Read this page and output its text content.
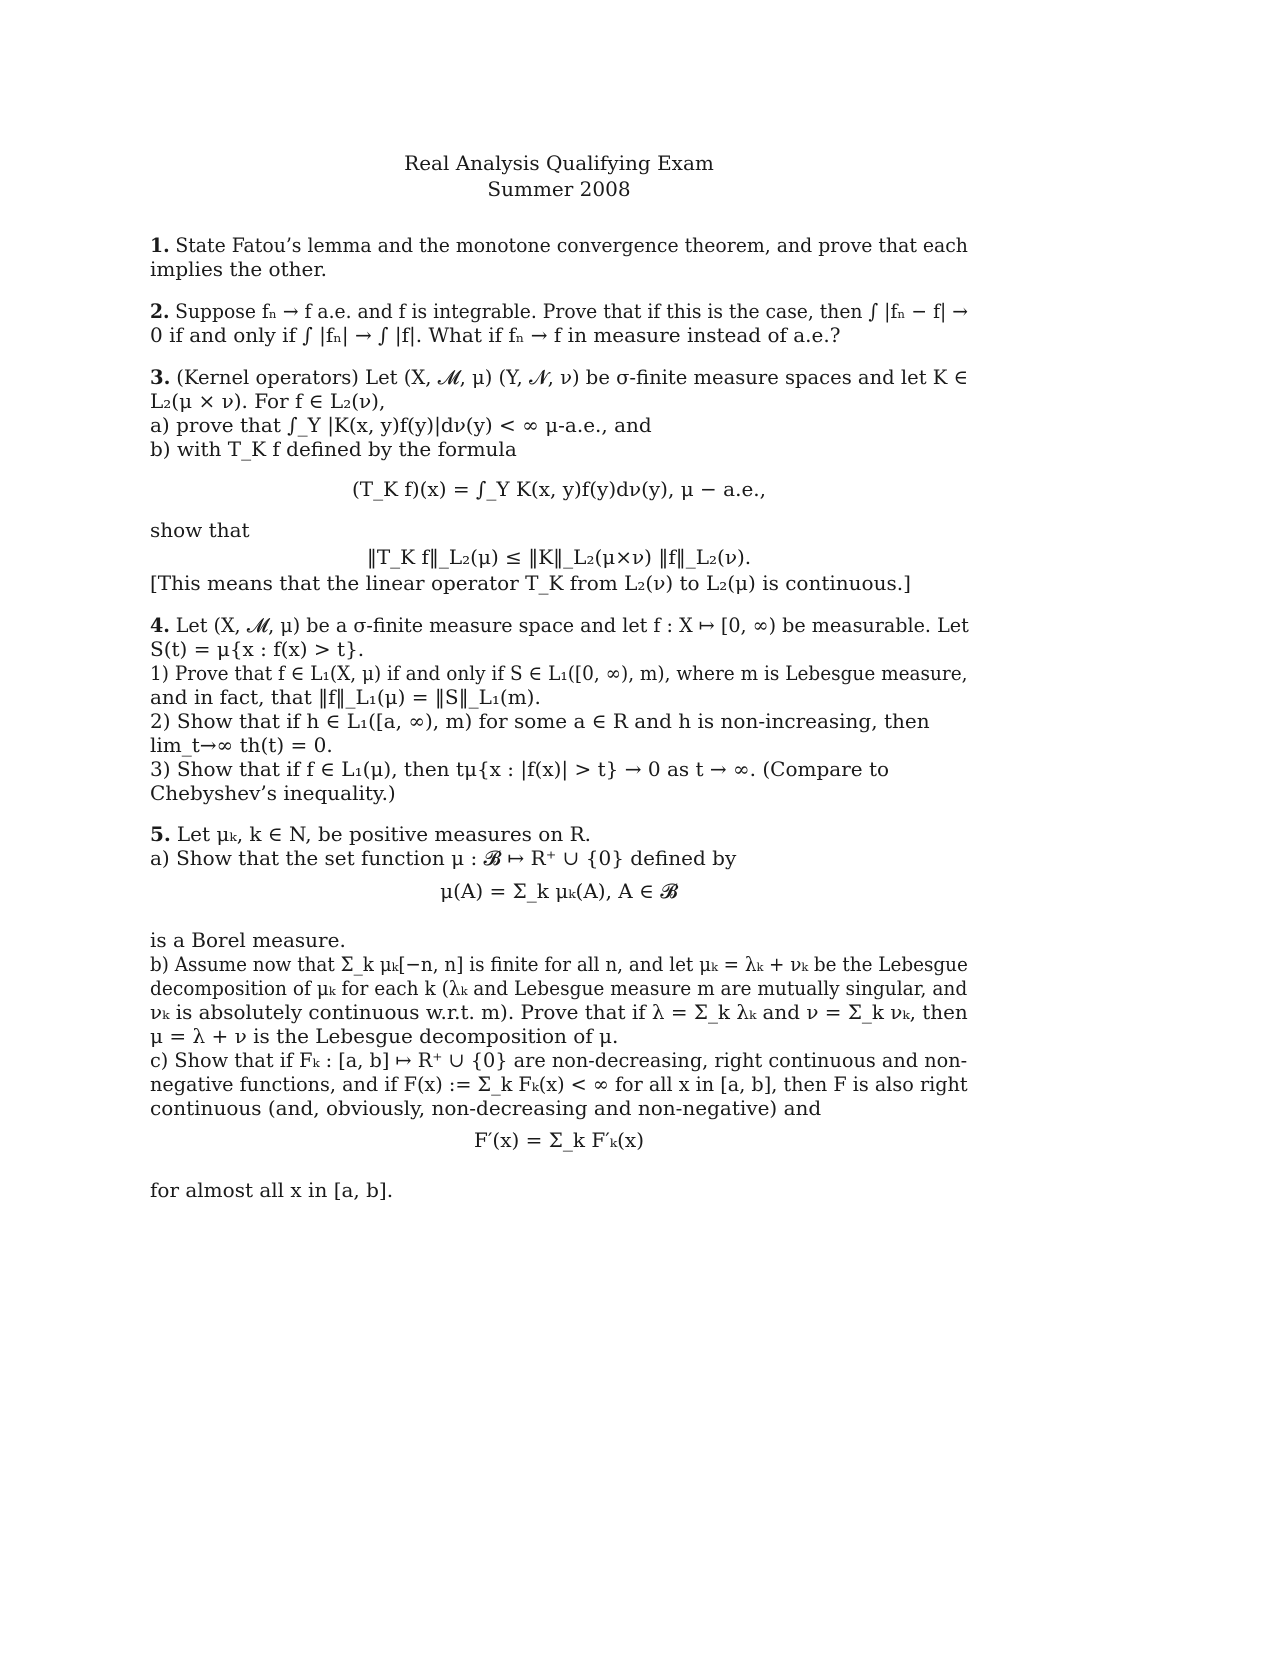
Real Analysis Qualifying Exam
Summer 2008
1. State Fatou’s lemma and the monotone convergence theorem, and prove that each
implies the other.
2. Suppose fₙ → f a.e. and f is integrable. Prove that if this is the case, then ∫ |fₙ − f| →
0 if and only if ∫ |fₙ| → ∫ |f|. What if fₙ → f in measure instead of a.e.?
3. (Kernel operators) Let (X, 𝓜, μ) (Y, 𝓝, ν) be σ-finite measure spaces and let K ∈
L₂(μ × ν). For f ∈ L₂(ν),
a) prove that ∫_Y |K(x, y)f(y)|dν(y) < ∞ μ-a.e., and
b) with T_K f defined by the formula
(T_K f)(x) = ∫_Y K(x, y)f(y)dν(y), μ − a.e.,
show that
‖T_K f‖_L₂(μ) ≤ ‖K‖_L₂(μ×ν) ‖f‖_L₂(ν).
[This means that the linear operator T_K from L₂(ν) to L₂(μ) is continuous.]
4. Let (X, 𝓜, μ) be a σ-finite measure space and let f : X ↦ [0, ∞) be measurable. Let
S(t) = μ{x : f(x) > t}.
1) Prove that f ∈ L₁(X, μ) if and only if S ∈ L₁([0, ∞), m), where m is Lebesgue measure,
and in fact, that ‖f‖_L₁(μ) = ‖S‖_L₁(m).
2) Show that if h ∈ L₁([a, ∞), m) for some a ∈ R and h is non-increasing, then
lim_t→∞ th(t) = 0.
3) Show that if f ∈ L₁(μ), then tμ{x : |f(x)| > t} → 0 as t → ∞. (Compare to
Chebyshev’s inequality.)
5. Let μₖ, k ∈ N, be positive measures on R.
a) Show that the set function μ : 𝓑 ↦ R⁺ ∪ {0} defined by
μ(A) = Σ_k μₖ(A), A ∈ 𝓑
is a Borel measure.
b) Assume now that Σ_k μₖ[−n, n] is finite for all n, and let μₖ = λₖ + νₖ be the Lebesgue
decomposition of μₖ for each k (λₖ and Lebesgue measure m are mutually singular, and
νₖ is absolutely continuous w.r.t. m). Prove that if λ = Σ_k λₖ and ν = Σ_k νₖ, then
μ = λ + ν is the Lebesgue decomposition of μ.
c) Show that if Fₖ : [a, b] ↦ R⁺ ∪ {0} are non-decreasing, right continuous and non-
negative functions, and if F(x) := Σ_k Fₖ(x) < ∞ for all x in [a, b], then F is also right
continuous (and, obviously, non-decreasing and non-negative) and
F′(x) = Σ_k F′ₖ(x)
for almost all x in [a, b].
